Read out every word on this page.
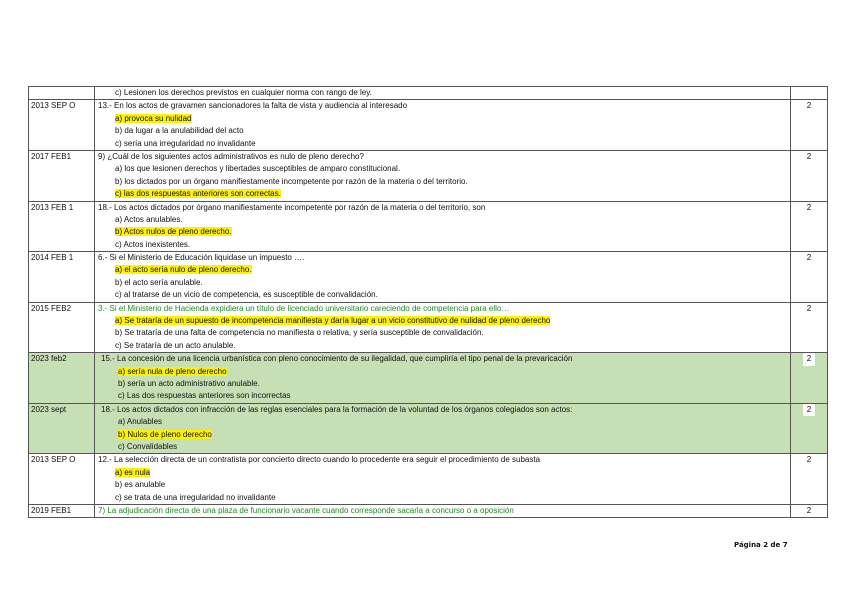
	c) Lesionen los derechos previstos en cualquier norma con rango de ley.	

2013 SEP O	13.- En los actos de gravamen sancionadores la falta de vista y audiencia al interesado
a) provoca su nulidad
b) da lugar a la anulabilidad del acto
c) sería una irregularidad no invalidante	2
2017 FEB1	9) ¿Cuál de los siguientes actos administrativos es nulo de pleno derecho?
a) los que lesionen derechos y libertades susceptibles de amparo constitucional.
b) los dictados por un órgano manifiestamente incompetente por razón de la materia o del territorio.
c) las dos respuestas anteriores son correctas.	2
2013 FEB 1	18.- Los actos dictados por órgano manifiestamente incompetente por razón de la materia o del territorio, son
a) Actos anulables.
b) Actos nulos de pleno derecho.
c) Actos inexistentes.	2
2014 FEB 1	6.- Si el Ministerio de Educación liquidase un impuesto ….
a) el acto sería nulo de pleno derecho.
b) el acto sería anulable.
c) al tratarse de un vicio de competencia, es susceptible de convalidación.	2
2015 FEB2	3.- Si el Ministerio de Hacienda expidiera un título de licenciado universitario careciendo de competencia para ello…
a) Se trataría de un supuesto de incompetencia manifiesta y daría lugar a un vicio constitutivo de nulidad de pleno derecho
b) Se trataría de una falta de competencia no manifiesta o relativa, y sería susceptible de convalidación.
c) Se trataría de un acto anulable.	2
2023 feb2	15.- La concesión de una licencia urbanística con pleno conocimiento de su ilegalidad, que cumpliría el tipo penal de la prevaricación
a) sería nula de pleno derecho
b) sería un acto administrativo anulable.
c) Las dos respuestas anteriores son incorrectas	2
2023 sept	18.- Los actos dictados con infracción de las reglas esenciales para la formación de la voluntad de los órganos colegiados son actos:
a) Anulables
b) Nulos de pleno derecho
c) Convalidables	2
2013 SEP O	12.- La selección directa de un contratista por concierto directo cuando lo procedente era seguir el procedimiento de subasta
a) es nula
b) es anulable
c) se trata de una irregularidad no invalidante	2
2019 FEB1	7) La adjudicación directa de una plaza de funcionario vacante cuando corresponde sacarla a concurso o a oposición	2
Página 2 de 7
